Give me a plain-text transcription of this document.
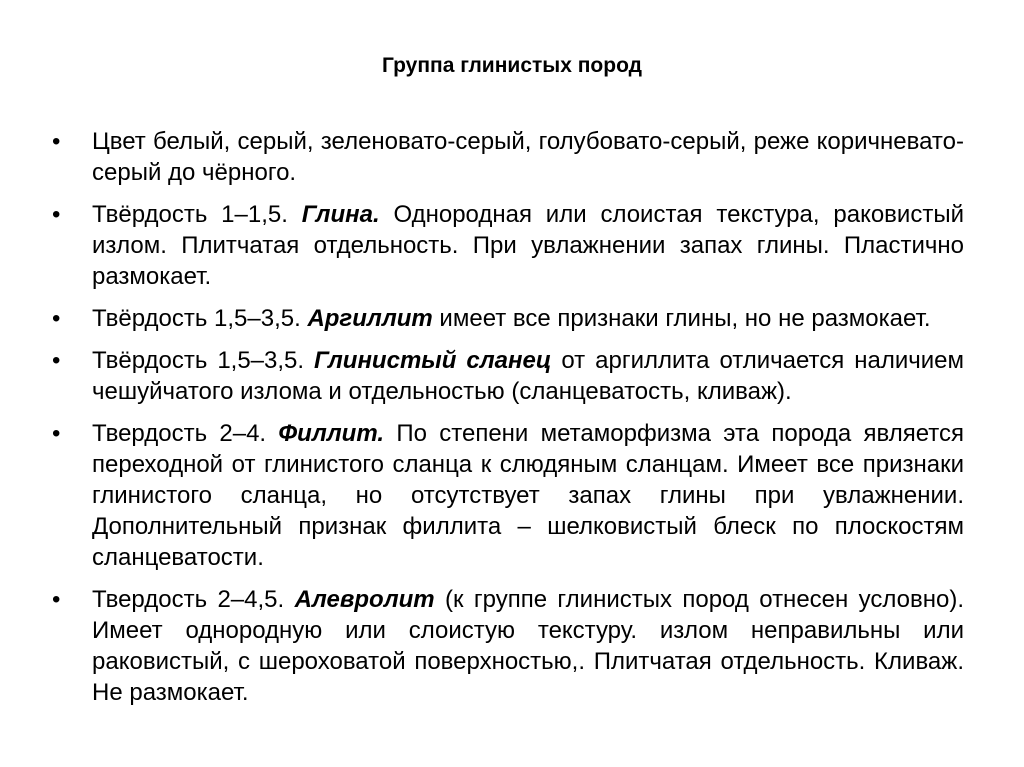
Группа глинистых пород
•	Цвет белый, серый, зеленовато-серый, голубовато-серый, реже коричневато-серый до чёрного.
•	Твёрдость 1–1,5. Глина. Однородная или слоистая текстура, раковистый излом. Плитчатая отдельность. При увлажнении запах глины. Пластично размокает.
•	Твёрдость 1,5–3,5. Аргиллит имеет все признаки глины, но не размокает.
•	Твёрдость 1,5–3,5. Глинистый сланец от аргиллита отличается наличием чешуйчатого излома и отдельностью (сланцеватость, кливаж).
•	Твердость 2–4. Филлит. По степени метаморфизма эта порода является переходной от глинистого сланца к слюдяным сланцам. Имеет все признаки глинистого сланца, но отсутствует запах глины при увлажнении. Дополнительный признак филлита – шелковистый блеск по плоскостям сланцеватости.
•	Твердость 2–4,5. Алевролит (к группе глинистых пород отнесен условно). Имеет однородную или слоистую текстуру. излом неправильны или раковистый, с шероховатой поверхностью,. Плитчатая отдельность. Кливаж. Не размокает.
